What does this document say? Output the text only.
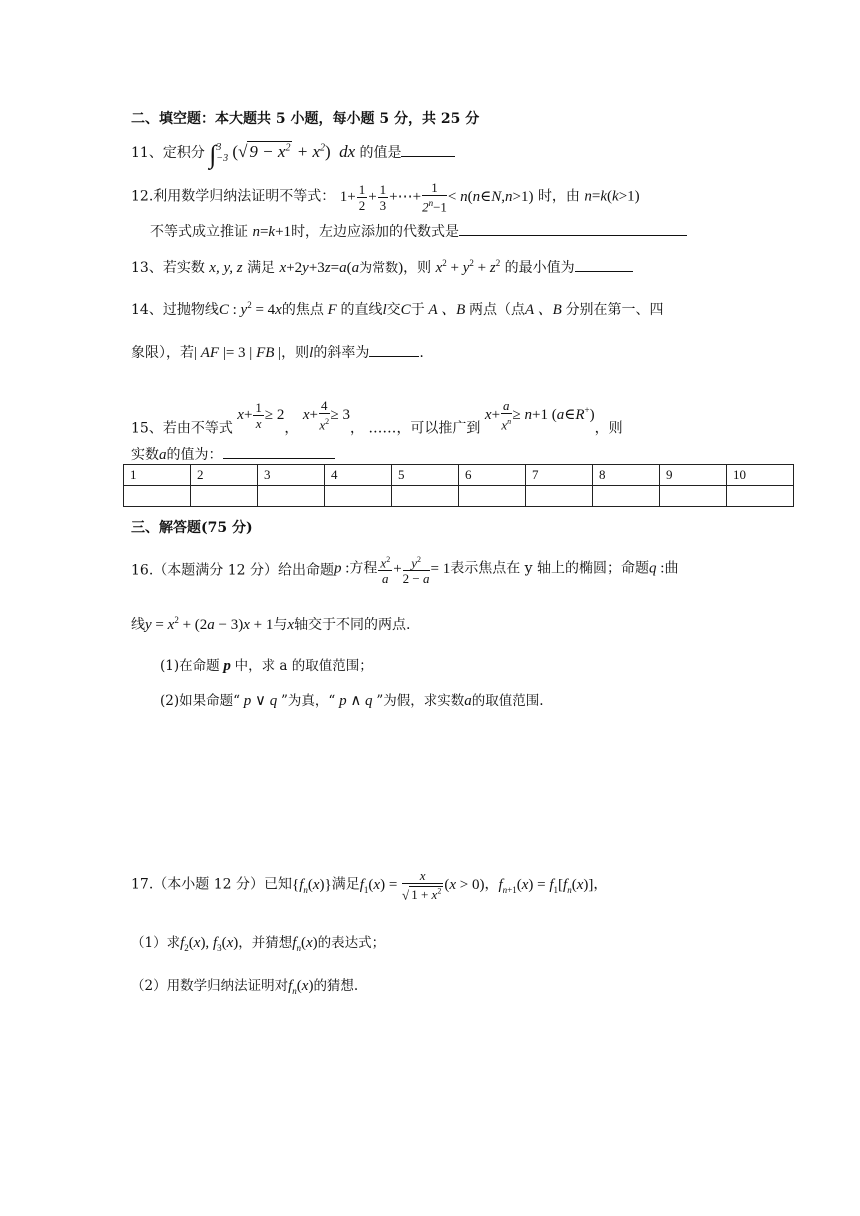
二、填空题：本大题共 5 小题，每小题 5 分，共 25 分
11、定积分 ∫ 3
−3 (√ $9 - x^2 + x^2$) dx 的值是
12.利用数学归纳法证明不等式： $1+ \frac{1}{2} + \frac{1}{3}$ +⋯+ $\frac{1}{2^n-1}$ < n(n∈N,n>1) 时，由 n=k(k>1)
不等式成立推证 n=k+1时，左边应添加的代数式是
13、若实数 x, y, z 满足 x+2y+3z=a(a为常数)，则 $x^2 + y^2 + z^2$ 的最小值为
14、过抛物线C : $y^2 = 4x$的焦点 F 的直线l交C于 A 、B 两点（点A 、B 分别在第一、四
象限），若| AF |= 3 | FB |，则l的斜率为	.
15、若由不等式 $x+ \frac{1}{x} \ge 2$， $x+ \frac{4}{x^2} \ge 3$， ……，可以推广到 $x+ \frac{a}{x^n} \ge n+1$ (a∈R+)，则
实数a的值为：
1	2	3	4	5	6	7	8	9	10

三、解答题(75 分)
16.（本题满分 12 分）给出命题p :方程 $\frac{x^2}{a} + \frac{y^2}{2 - a} = 1$表示焦点在 y 轴上的椭圆；命题q :曲
线$y = x^2 + (2a - 3)x + 1$与x轴交于不同的两点.
(1)在命题 p 中，求 a 的取值范围；
(2)如果命题“ p ∨ q ”为真，“ p ∧ q ”为假，求实数a的取值范围.
17.（本小题 12 分）已知$\{f_n(x)\}$满足$f_1(x) = \frac{x}{√ 1 + x^2} (x > 0)$，$f_{n+1}(x) = f_1[f_n(x)]$，
（1）求$f_2(x)$, $f_3(x)$，并猜想$f_n(x)$的表达式；
（2）用数学归纳法证明对$f_n(x)$的猜想.
